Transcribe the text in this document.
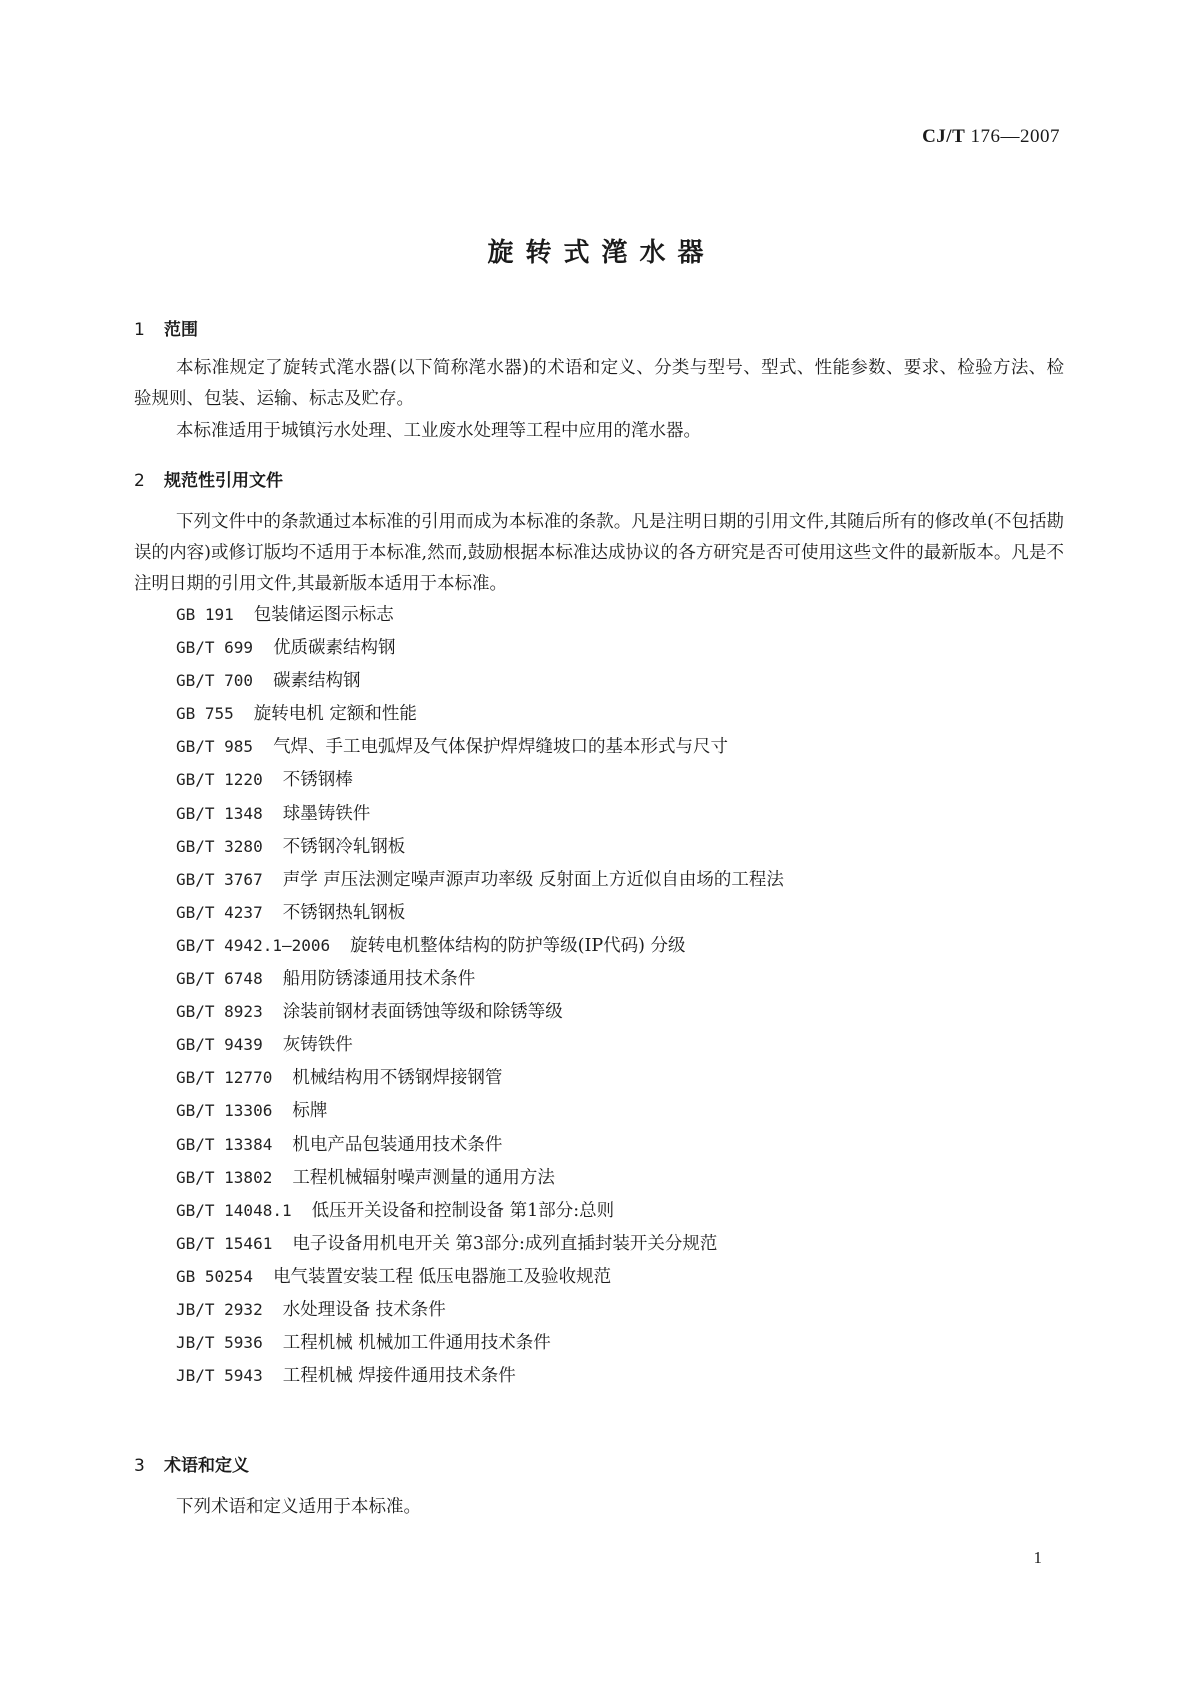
CJ/T 176—2007
旋转式滗水器
1 范围

本标准规定了旋转式滗水器(以下简称滗水器)的术语和定义、分类与型号、型式、性能参数、要求、检验方法、检验规则、包装、运输、标志及贮存。

本标准适用于城镇污水处理、工业废水处理等工程中应用的滗水器。

2 规范性引用文件

下列文件中的条款通过本标准的引用而成为本标准的条款。凡是注明日期的引用文件,其随后所有的修改单(不包括勘误的内容)或修订版均不适用于本标准,然而,鼓励根据本标准达成协议的各方研究是否可使用这些文件的最新版本。凡是不注明日期的引用文件,其最新版本适用于本标准。

GB 191 包装储运图示标志
GB/T 699 优质碳素结构钢
GB/T 700 碳素结构钢
GB 755 旋转电机 定额和性能
GB/T 985 气焊、手工电弧焊及气体保护焊焊缝坡口的基本形式与尺寸
GB/T 1220 不锈钢棒
GB/T 1348 球墨铸铁件
GB/T 3280 不锈钢冷轧钢板
GB/T 3767 声学 声压法测定噪声源声功率级 反射面上方近似自由场的工程法
GB/T 4237 不锈钢热轧钢板
GB/T 4942.1—2006 旋转电机整体结构的防护等级(IP代码) 分级
GB/T 6748 船用防锈漆通用技术条件
GB/T 8923 涂装前钢材表面锈蚀等级和除锈等级
GB/T 9439 灰铸铁件
GB/T 12770 机械结构用不锈钢焊接钢管
GB/T 13306 标牌
GB/T 13384 机电产品包装通用技术条件
GB/T 13802 工程机械辐射噪声测量的通用方法
GB/T 14048.1 低压开关设备和控制设备 第1部分:总则
GB/T 15461 电子设备用机电开关 第3部分:成列直插封装开关分规范
GB 50254 电气装置安装工程 低压电器施工及验收规范
JB/T 2932 水处理设备 技术条件
JB/T 5936 工程机械 机械加工件通用技术条件
JB/T 5943 工程机械 焊接件通用技术条件
3 术语和定义

下列术语和定义适用于本标准。

1
